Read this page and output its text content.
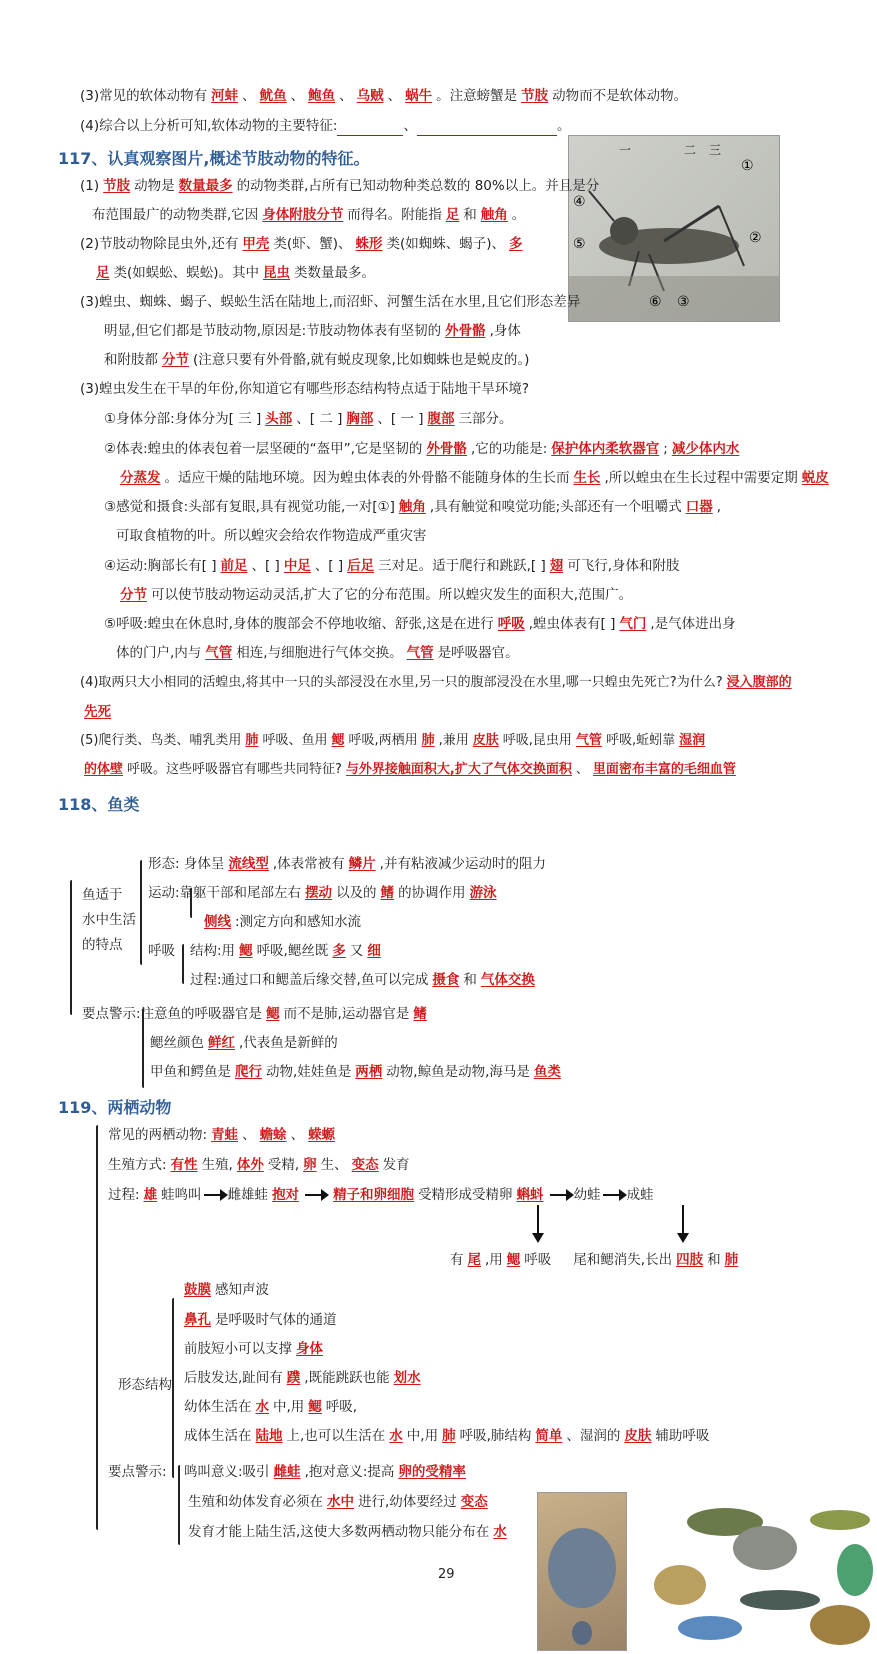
(3)常见的软体动物有 河蚌 、 鱿鱼 、 鲍鱼 、 乌贼 、 蜗牛 。注意螃蟹是 节肢 动物而不是软体动物。
(4)综合以上分析可知,软体动物的主要特征:	、	。
117、认真观察图片,概述节肢动物的特征。	一	二 三
①
②
③
④
⑤
⑥
(1) 节肢 动物是 数量最多 的动物类群,占所有已知动物种类总数的 80%以上。并且是分
布范围最广的动物类群,它因 身体附肢分节 而得名。附能指 足 和 触角 。
(2)节肢动物除昆虫外,还有 甲壳 类(虾、蟹)、 蛛形 类(如蜘蛛、蝎子)、 多
足 类(如蜈蚣、蜈蚣)。其中 昆虫 类数量最多。
(3)蝗虫、蜘蛛、蝎子、蜈蚣生活在陆地上,而沼虾、河蟹生活在水里,且它们形态差异
明显,但它们都是节肢动物,原因是:节肢动物体表有坚韧的 外骨骼 ,身体
和附肢都 分节 (注意只要有外骨骼,就有蜕皮现象,比如蜘蛛也是蜕皮的。)
(3)蝗虫发生在干旱的年份,你知道它有哪些形态结构特点适于陆地干旱环境?
①身体分部:身体分为[ 三 ] 头部 、[ 二 ] 胸部 、[ 一 ] 腹部 三部分。
②体表:蝗虫的体表包着一层坚硬的“盔甲”,它是坚韧的 外骨骼 ,它的功能是: 保护体内柔软器官 ; 减少体内水
分蒸发 。适应干燥的陆地环境。因为蝗虫体表的外骨骼不能随身体的生长而 生长 ,所以蝗虫在生长过程中需要定期 蜕皮
③感觉和摄食:头部有复眼,具有视觉功能,一对[①] 触角 ,具有触觉和嗅觉功能;头部还有一个咀嚼式 口器 ,
可取食植物的叶。所以蝗灾会给农作物造成严重灾害
④运动:胸部长有[ ] 前足 、[ ] 中足 、[ ] 后足 三对足。适于爬行和跳跃,[ ] 翅 可飞行,身体和附肢
分节 可以使节肢动物运动灵活,扩大了它的分布范围。所以蝗灾发生的面积大,范围广。
⑤呼吸:蝗虫在休息时,身体的腹部会不停地收缩、舒张,这是在进行 呼吸 ,蝗虫体表有[ ] 气门 ,是气体进出身
体的门户,内与 气管 相连,与细胞进行气体交换。 气管 是呼吸器官。
(4)取两只大小相同的活蝗虫,将其中一只的头部浸没在水里,另一只的腹部浸没在水里,哪一只蝗虫先死亡?为什么? 浸入腹部的
先死
(5)爬行类、鸟类、哺乳类用 肺 呼吸、鱼用 鳃 呼吸,两栖用 肺 ,兼用 皮肤 呼吸,昆虫用 气管 呼吸,蚯蚓靠 湿润
的体壁 呼吸。这些呼吸器官有哪些共同特征? 与外界接触面积大,扩大了气体交换面积 、 里面密布丰富的毛细血管
118、鱼类
鱼适于
水中生活
的特点
形态: 身体呈 流线型 ,体表常被有 鳞片 ,并有粘液减少运动时的阻力
运动:靠躯干部和尾部左右 摆动 以及的 鳍 的协调作用 游泳
侧线 :测定方向和感知水流
呼吸 结构:用 鳃 呼吸,鳃丝既 多 又 细
过程:通过口和鳃盖后缘交替,鱼可以完成 摄食 和 气体交换
要点警示:注意鱼的呼吸器官是 鳃 而不是肺,运动器官是 鳍
鳃丝颜色 鲜红 ,代表鱼是新鲜的
甲鱼和鳄鱼是 爬行 动物,娃娃鱼是 两栖 动物,鲸鱼是动物,海马是 鱼类
119、两栖动物
常见的两栖动物: 青蛙 、 蟾蜍 、 蝾螈
生殖方式: 有性 生殖, 体外 受精, 卵 生、 变态 发育
过程: 雄 蛙鸣叫 雌雄蛙 抱对	精子和卵细胞 受精形成受精卵 蝌蚪 幼蛙 成蛙
有 尾 ,用 鳃 呼吸 尾和鳃消失,长出 四肢 和 肺
形态结构
鼓膜 感知声波
鼻孔 是呼吸时气体的通道
前肢短小可以支撑 身体
后肢发达,趾间有 蹼 ,既能跳跃也能 划水
幼体生活在 水 中,用 鳃 呼吸,
成体生活在 陆地 上,也可以生活在 水 中,用 肺 呼吸,肺结构 简单 、湿润的 皮肤 辅助呼吸
要点警示: 鸣叫意义:吸引 雌蛙 ,抱对意义:提高 卵的受精率
生殖和幼体发育必须在 水中 进行,幼体要经过 变态
发育才能上陆生活,这使大多数两栖动物只能分布在 水
29
